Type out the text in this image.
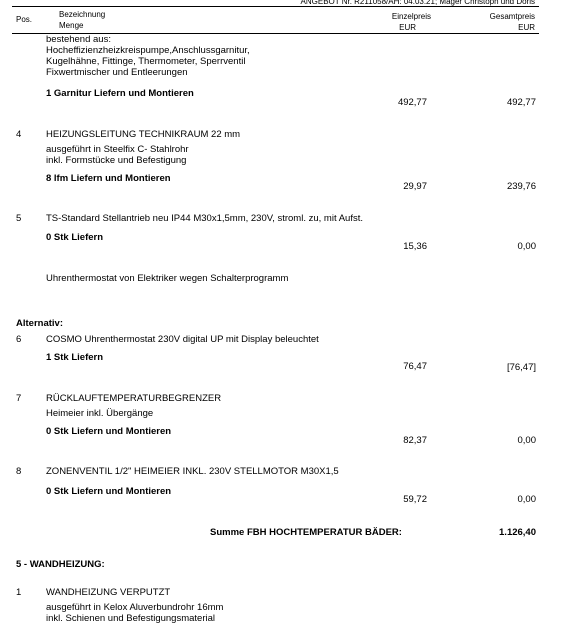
ANGEBOT Nr. R211058/AH: 04.03.21; Mager Christoph und Doris
Pos.
Bezeichnung
Menge
Einzelpreis
EUR
Gesamtpreis
EUR
bestehend aus:
Hocheffizienzheizkreispumpe,Anschlussgarnitur,
Kugelhähne, Fittinge, Thermometer, Sperrventil
Fixwertmischer und Entleerungen
1 Garnitur Liefern und Montieren
492,77	492,77
4	HEIZUNGSLEITUNG TECHNIKRAUM 22 mm
ausgeführt in Steelfix C- Stahlrohr
inkl. Formstücke und Befestigung
8 lfm Liefern und Montieren
29,97	239,76
5	TS-Standard Stellantrieb neu IP44 M30x1,5mm, 230V, stroml. zu, mit Aufst.
0 Stk Liefern
15,36	0,00
Uhrenthermostat von Elektriker wegen Schalterprogramm
Alternativ:
6	COSMO Uhrenthermostat 230V digital UP mit Display beleuchtet
1 Stk Liefern
76,47	[76,47]
7	RÜCKLAUFTEMPERATURBEGRENZER
Heimeier inkl. Übergänge
0 Stk Liefern und Montieren
82,37	0,00
8	ZONENVENTIL 1/2" HEIMEIER INKL. 230V STELLMOTOR M30X1,5
0 Stk Liefern und Montieren
59,72	0,00
Summe FBH HOCHTEMPERATUR BÄDER:	1.126,40
5 - WANDHEIZUNG:
1	WANDHEIZUNG VERPUTZT
ausgeführt in Kelox Aluverbundrohr 16mm
inkl. Schienen und Befestigungsmaterial
